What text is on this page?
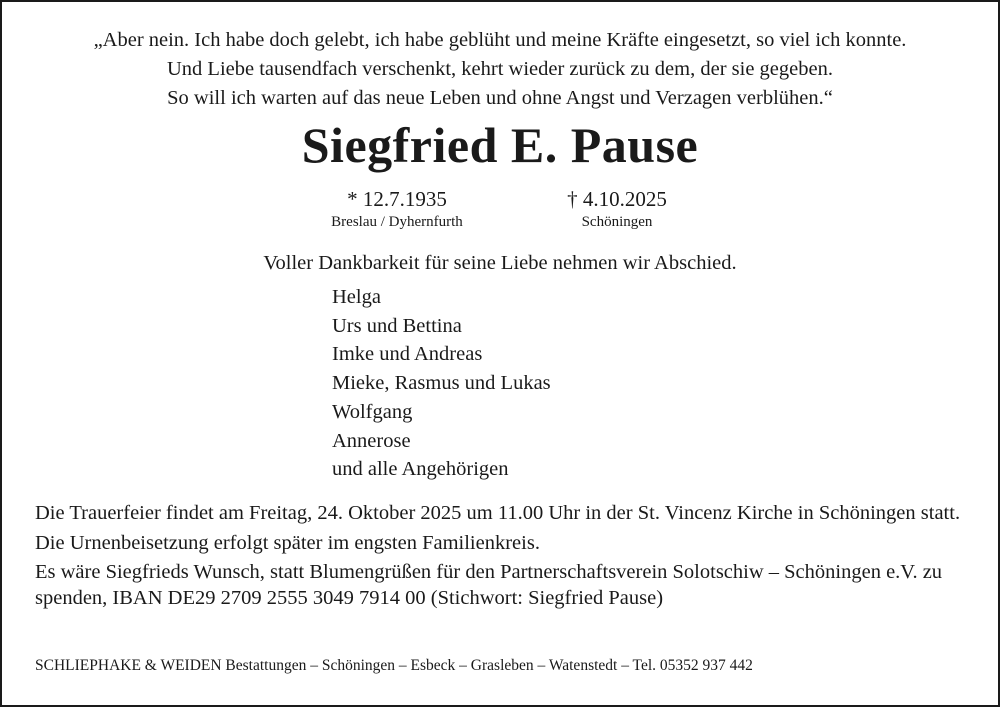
„Aber nein. Ich habe doch gelebt, ich habe geblüht und meine Kräfte eingesetzt, so viel ich konnte.
Und Liebe tausendfach verschenkt, kehrt wieder zurück zu dem, der sie gegeben.
So will ich warten auf das neue Leben und ohne Angst und Verzagen verblühen.“
Siegfried E. Pause
* 12.7.1935
Breslau / Dyhernfurth
† 4.10.2025
Schöningen
Voller Dankbarkeit für seine Liebe nehmen wir Abschied.
Helga
Urs und Bettina
Imke und Andreas
Mieke, Rasmus und Lukas
Wolfgang
Annerose
und alle Angehörigen

Die Trauerfeier findet am Freitag, 24. Oktober 2025 um 11.00 Uhr in der St. Vincenz Kirche in Schöningen statt.

Die Urnenbeisetzung erfolgt später im engsten Familienkreis.

Es wäre Siegfrieds Wunsch, statt Blumengrüßen für den Partnerschaftsverein Solotschiw – Schöningen e.V. zu spenden, IBAN DE29 2709 2555 3049 7914 00 (Stichwort: Siegfried Pause)

SCHLIEPHAKE & WEIDEN Bestattungen – Schöningen – Esbeck – Grasleben – Watenstedt – Tel. 05352 937 442
